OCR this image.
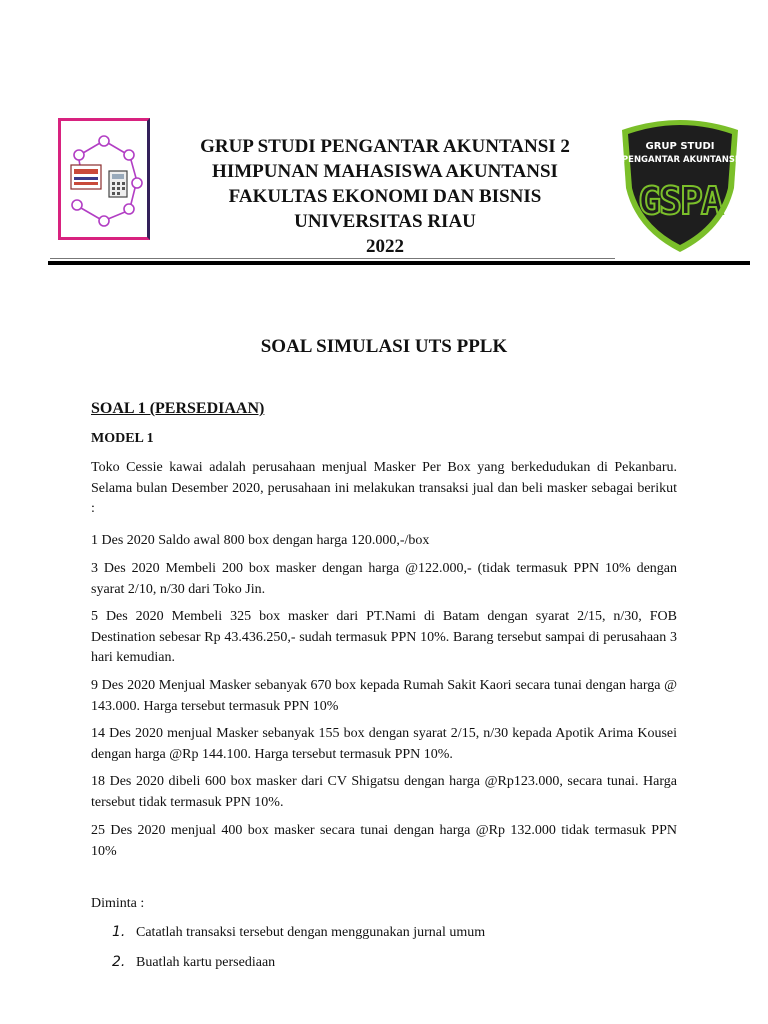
GRUP STUDI PENGANTAR AKUNTANSI 2
HIMPUNAN MAHASISWA AKUNTANSI
FAKULTAS EKONOMI DAN BISNIS
UNIVERSITAS RIAU
2022
GRUP STUDI
PENGANTAR AKUNTANSI
GSPA
SOAL SIMULASI UTS PPLK
SOAL 1 (PERSEDIAAN)
MODEL 1

Toko Cessie kawai adalah perusahaan menjual Masker Per Box yang berkedudukan di Pekanbaru. Selama bulan Desember 2020, perusahaan ini melakukan transaksi jual dan beli masker sebagai berikut :

1 Des 2020 Saldo awal 800 box dengan harga 120.000,-/box

3 Des 2020 Membeli 200 box masker dengan harga @122.000,- (tidak termasuk PPN 10% dengan syarat 2/10, n/30 dari Toko Jin.

5 Des 2020 Membeli 325 box masker dari PT.Nami di Batam dengan syarat 2/15, n/30, FOB Destination sebesar Rp 43.436.250,- sudah termasuk PPN 10%. Barang tersebut sampai di perusahaan 3 hari kemudian.

9 Des 2020 Menjual Masker sebanyak 670 box kepada Rumah Sakit Kaori secara tunai dengan harga @ 143.000. Harga tersebut termasuk PPN 10%

14 Des 2020 menjual Masker sebanyak 155 box dengan syarat 2/15, n/30 kepada Apotik Arima Kousei dengan harga @Rp 144.100. Harga tersebut termasuk PPN 10%.

18 Des 2020 dibeli 600 box masker dari CV Shigatsu dengan harga @Rp123.000, secara tunai. Harga tersebut tidak termasuk PPN 10%.

25 Des 2020 menjual 400 box masker secara tunai dengan harga @Rp 132.000 tidak termasuk PPN 10%

Diminta :
1. Catatlah transaksi tersebut dengan menggunakan jurnal umum
2. Buatlah kartu persediaan
